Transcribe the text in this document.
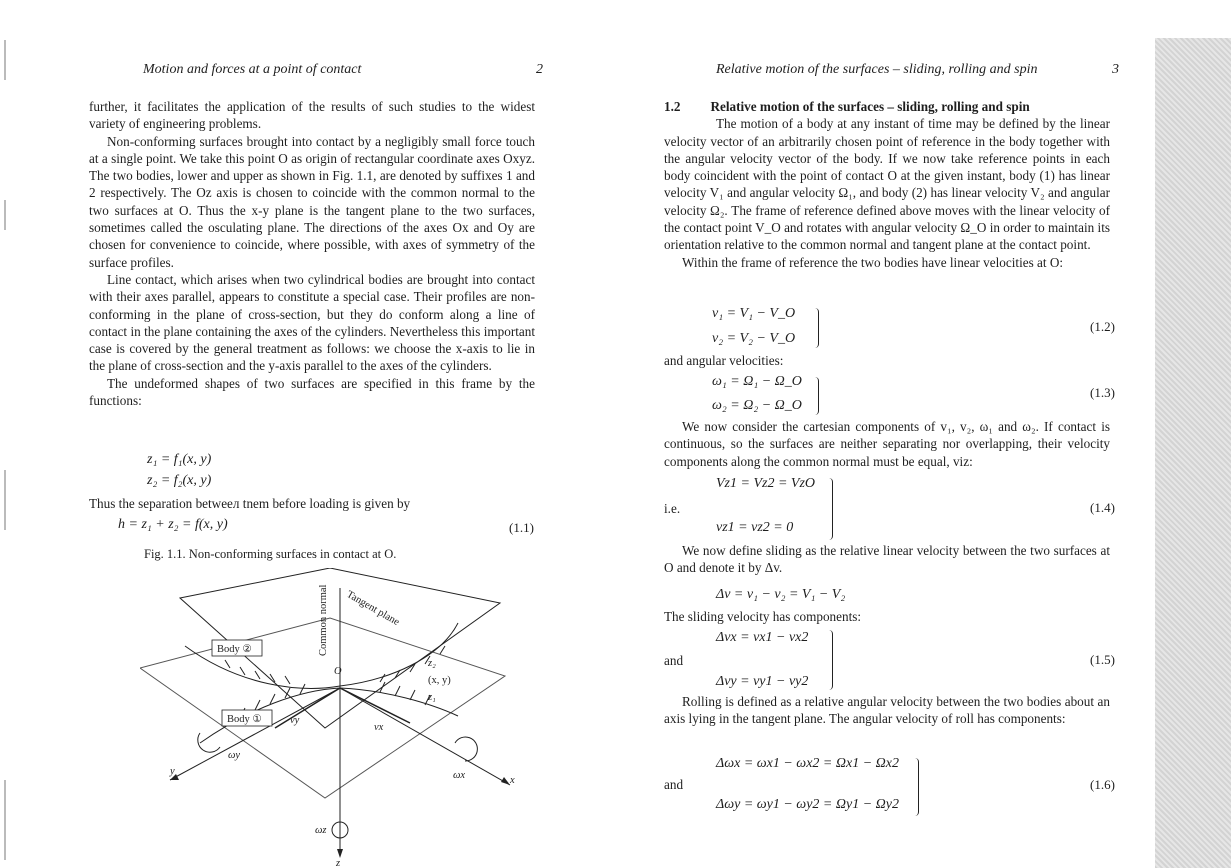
Motion and forces at a point of contact	2

further, it facilitates the application of the results of such studies to the widest variety of engineering problems.

Non-conforming surfaces brought into contact by a negligibly small force touch at a single point. We take this point O as origin of rectangular coordinate axes Oxyz. The two bodies, lower and upper as shown in Fig. 1.1, are denoted by suffixes 1 and 2 respectively. The Oz axis is chosen to coincide with the common normal to the two surfaces at O. Thus the x-y plane is the tangent plane to the two surfaces, sometimes called the osculating plane. The directions of the axes Ox and Oy are chosen for convenience to coincide, where possible, with axes of symmetry of the surface profiles.

Line contact, which arises when two cylindrical bodies are brought into contact with their axes parallel, appears to constitute a special case. Their profiles are non-conforming in the plane of cross-section, but they do conform along a line of contact in the plane containing the axes of the cylinders. Nevertheless this important case is covered by the general treatment as follows: we choose the x-axis to lie in the plane of cross-section and the y-axis parallel to the axes of the cylinders.

The undeformed shapes of two surfaces are specified in this frame by the functions:

z₁ = f₁(x, y)
z₂ = f₂(x, y)
Thus the separation betweeл tnem before loading is given by
h = z₁ + z₂ = f(x, y)	(1.1)
Fig. 1.1. Non-conforming surfaces in contact at O.
Tangent plane
Common normal
Body ②
Body ①
O
z₂
(x, y)
z₁
vy
vx
ωy
ωx
ωz
x
y
z
Relative motion of the surfaces – sliding, rolling and spin	3

1.2 Relative motion of the surfaces – sliding, rolling and spin

The motion of a body at any instant of time may be defined by the linear velocity vector of an arbitrarily chosen point of reference in the body together with the angular velocity vector of the body. If we now take reference points in each body coincident with the point of contact O at the given instant, body (1) has linear velocity V₁ and angular velocity Ω₁, and body (2) has linear velocity V₂ and angular velocity Ω₂. The frame of reference defined above moves with the linear velocity of the contact point V_O and rotates with angular velocity Ω_O in order to maintain its orientation relative to the common normal and tangent plane at the contact point.

Within the frame of reference the two bodies have linear velocities at O:

v₁ = V₁ − V_O
v₂ = V₂ − V_O
(1.2)
and angular velocities:
ω₁ = Ω₁ − Ω_O
ω₂ = Ω₂ − Ω_O
(1.3)

We now consider the cartesian components of v₁, v₂, ω₁ and ω₂. If contact is continuous, so the surfaces are neither separating nor overlapping, their velocity components along the common normal must be equal, viz:

Vz1 = Vz2 = VzO
i.e.
vz1 = vz2 = 0
(1.4)

We now define sliding as the relative linear velocity between the two surfaces at O and denote it by Δv.

Δv = v₁ − v₂ = V₁ − V₂
The sliding velocity has components:
Δvx = vx1 − vx2
and
Δvy = vy1 − vy2
(1.5)

Rolling is defined as a relative angular velocity between the two bodies about an axis lying in the tangent plane. The angular velocity of roll has components:

Δωx = ωx1 − ωx2 = Ωx1 − Ωx2
and
Δωy = ωy1 − ωy2 = Ωy1 − Ωy2
(1.6)
